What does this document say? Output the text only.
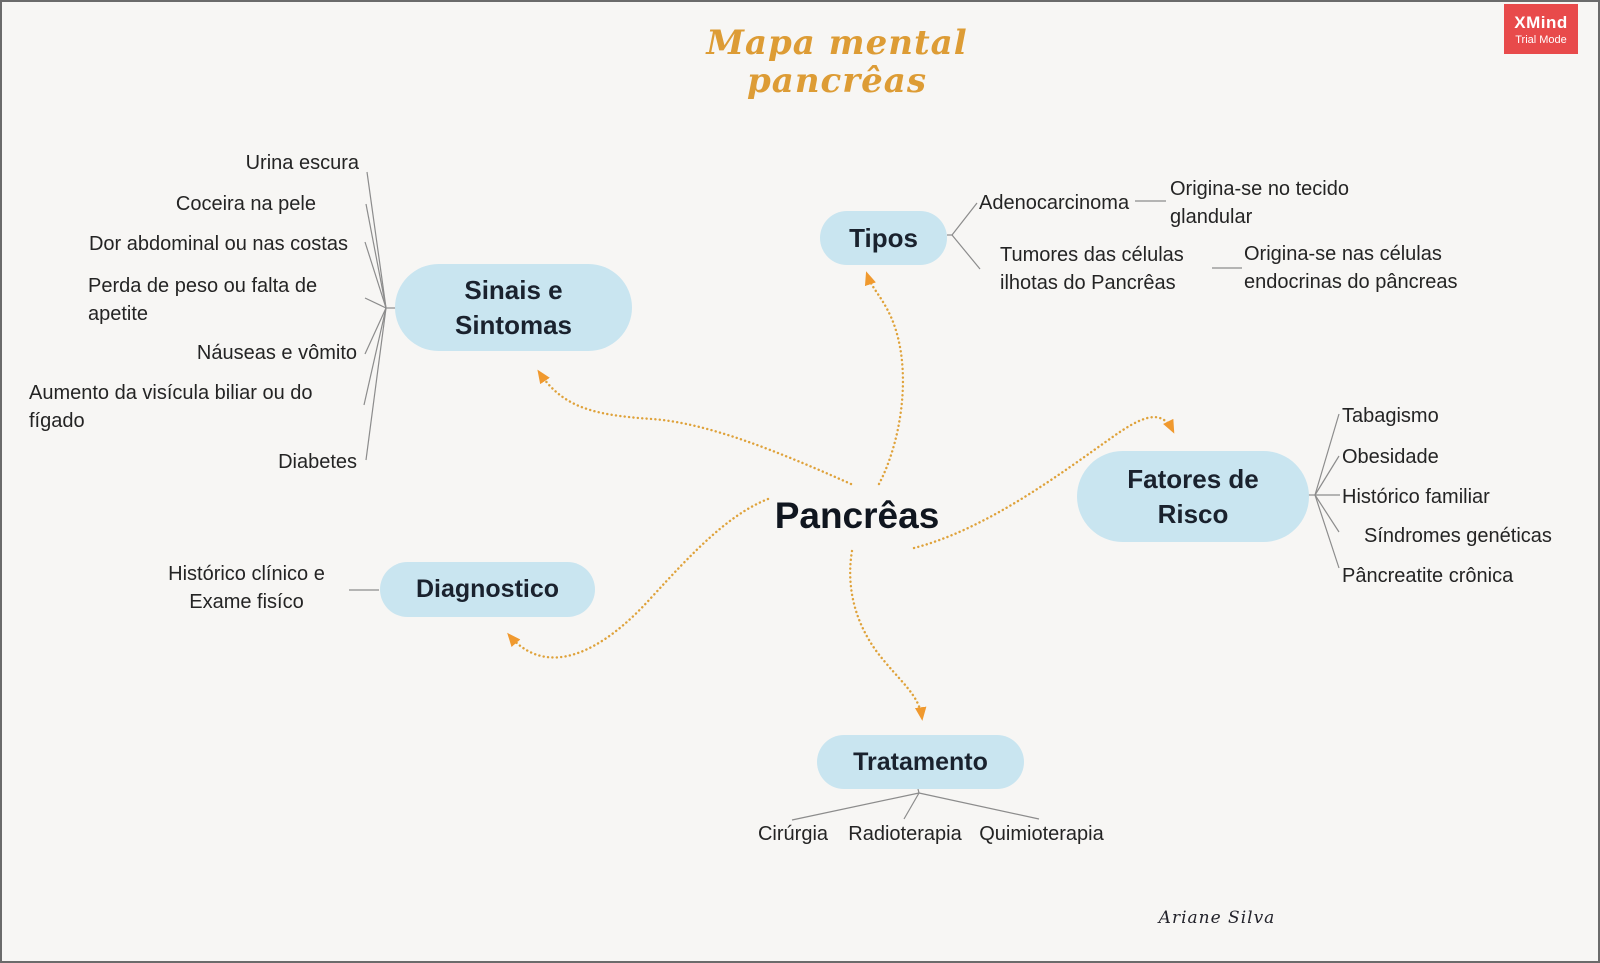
Mapa mental
pancrêas
XMind
Trial Mode
Pancrêas
Sinais e Sintomas
Tipos
Fatores de Risco
Diagnostico
Tratamento
Urina escura
Coceira na pele
Dor abdominal ou nas costas
Perda de peso ou falta de apetite
Náuseas e vômito
Aumento da visícula biliar ou do fígado
Diabetes
Adenocarcinoma
Origina-se no tecido glandular
Tumores das células ilhotas do Pancrêas
Origina-se nas células endocrinas do pâncreas
Tabagismo
Obesidade
Histórico familiar
Síndromes genéticas
Pâncreatite crônica
Histórico clínico e Exame fisíco
Cirúrgia	Radioterapia Quimioterapia
Ariane Silva
